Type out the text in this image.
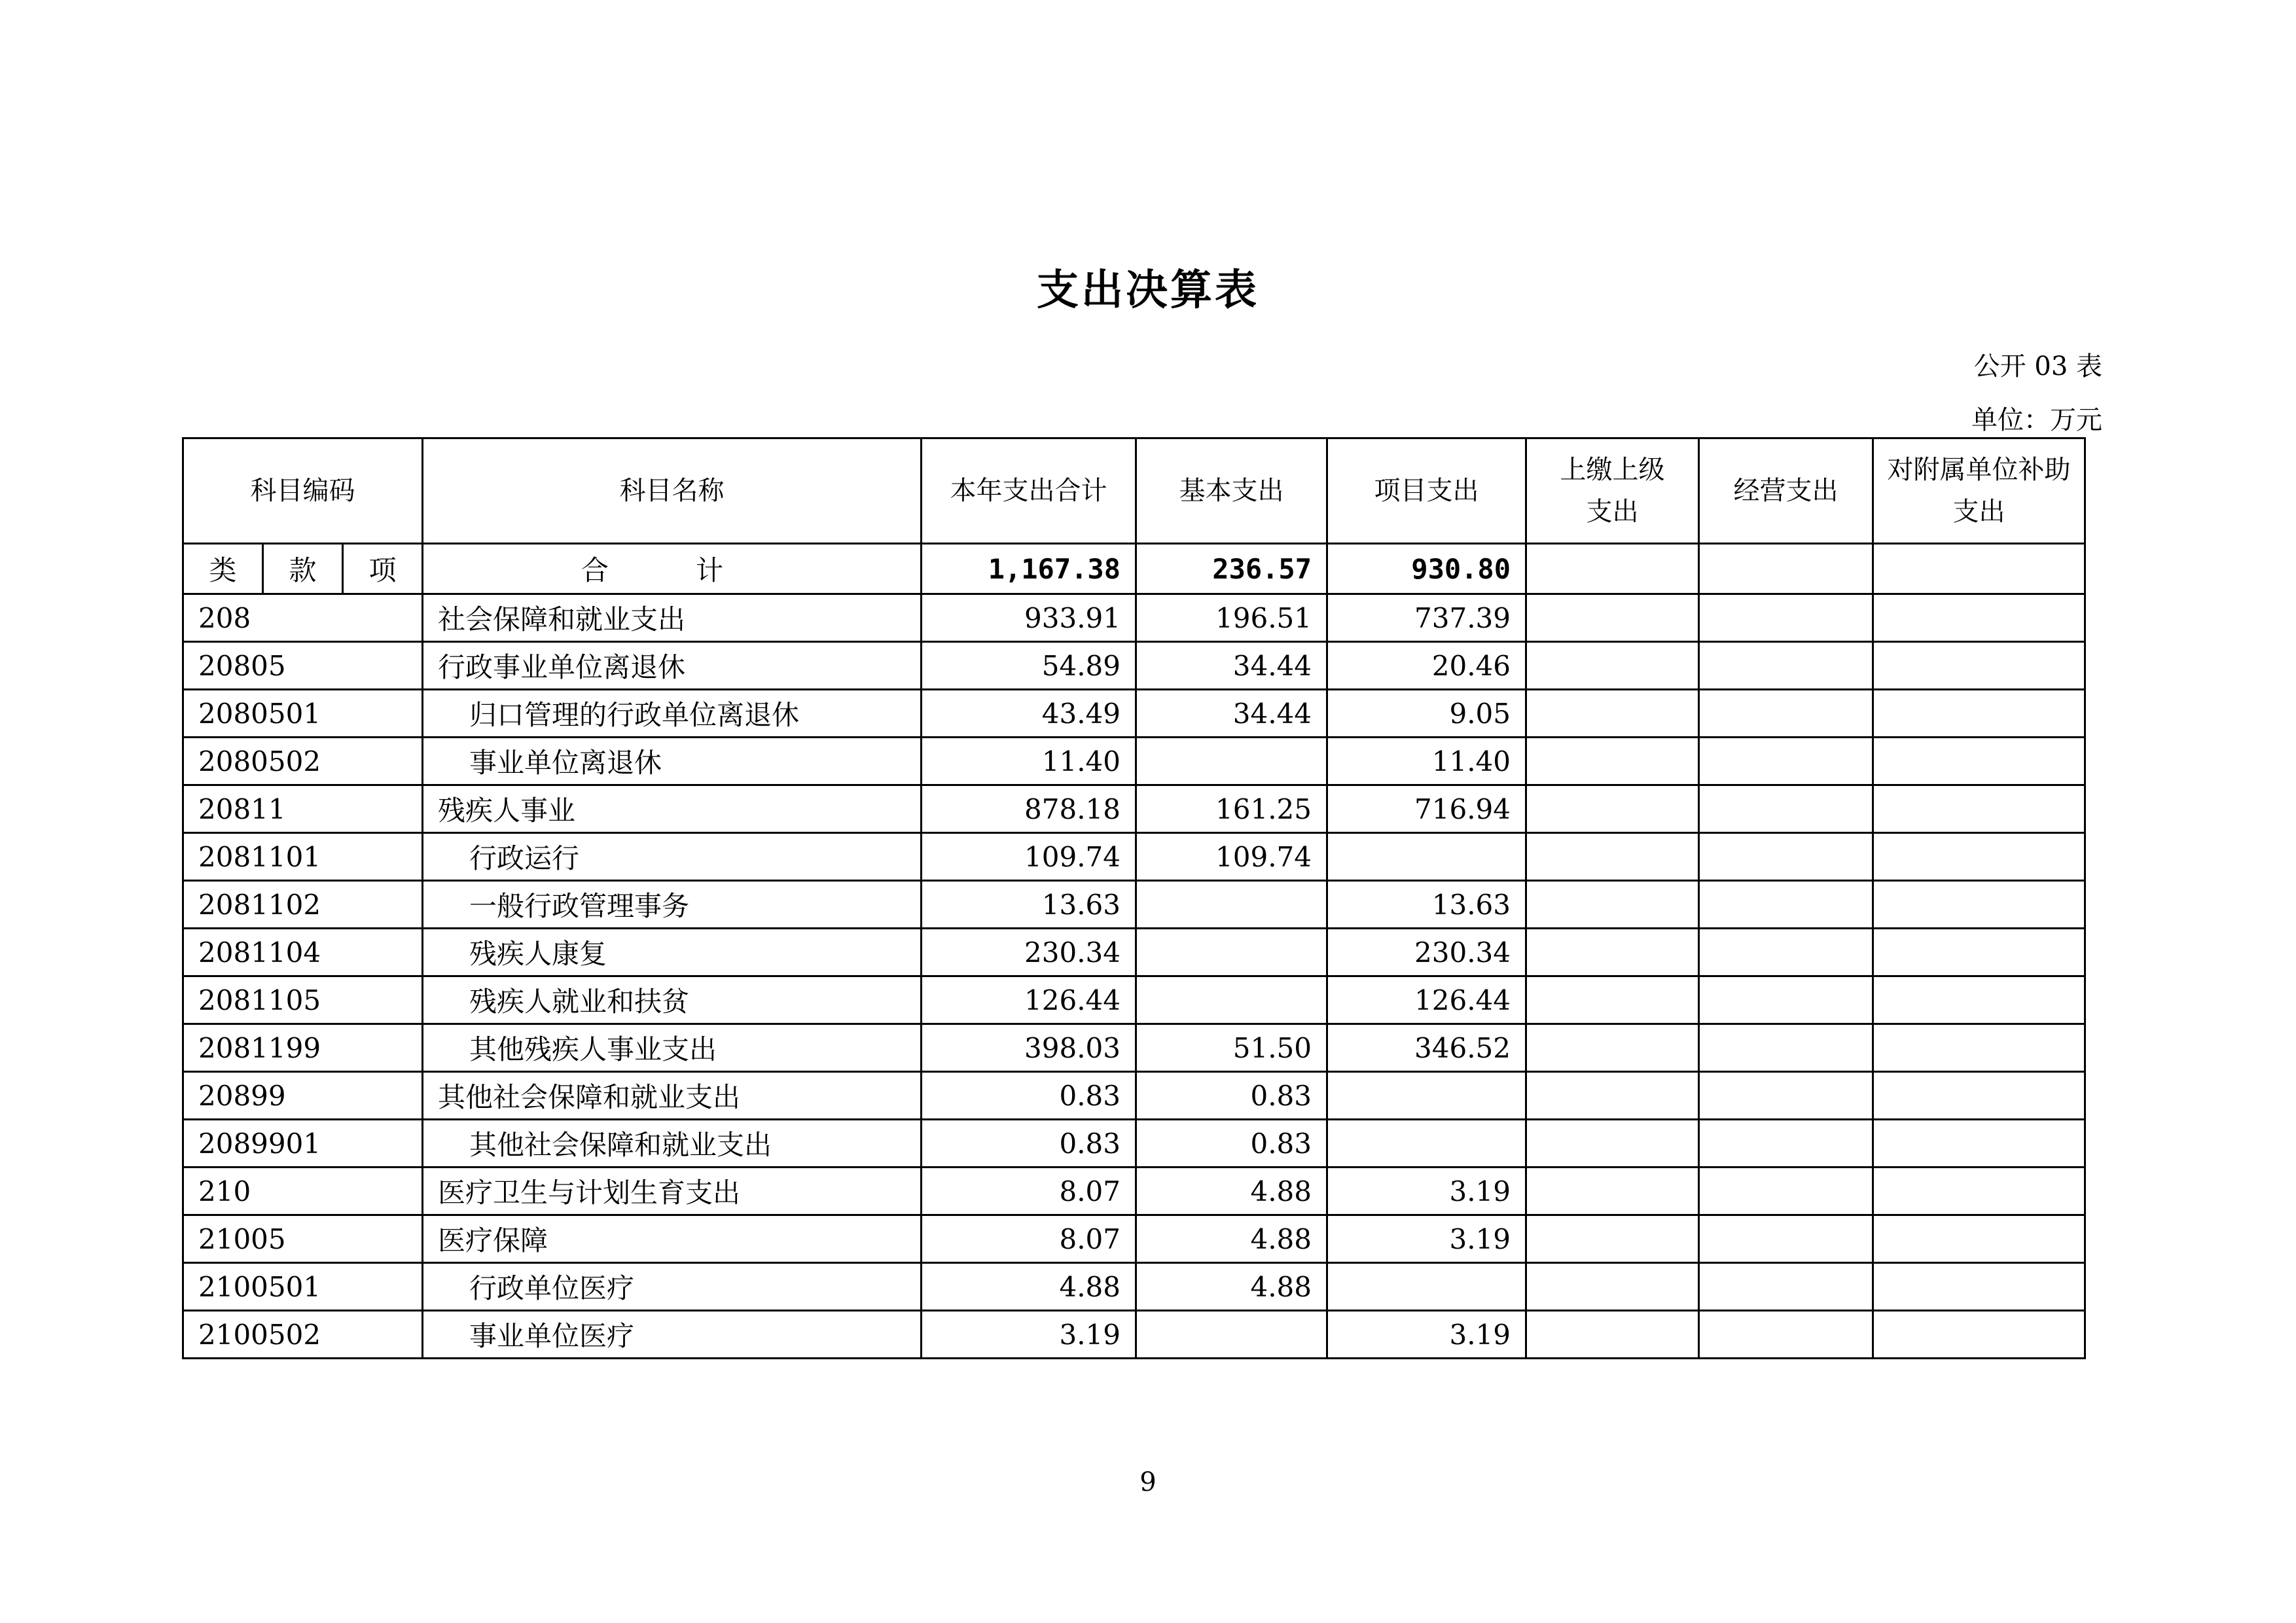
支出决算表
公开 03 表
单位：万元
科目编码			科目名称	本年支出合计	基本支出	项目支出	上缴上级支出	经营支出	对附属单位补助支出
类	款	项	合 计	1,167.38	236.57	930.80			
208			社会保障和就业支出	933.91	196.51	737.39			
20805			行政事业单位离退休	54.89	34.44	20.46			
2080501			归口管理的行政单位离退休	43.49	34.44	9.05			
2080502			事业单位离退休	11.40		11.40			
20811			残疾人事业	878.18	161.25	716.94			
2081101			行政运行	109.74	109.74				
2081102			一般行政管理事务	13.63		13.63			
2081104			残疾人康复	230.34		230.34			
2081105			残疾人就业和扶贫	126.44		126.44			
2081199			其他残疾人事业支出	398.03	51.50	346.52			
20899			其他社会保障和就业支出	0.83	0.83				
2089901			其他社会保障和就业支出	0.83	0.83				
210			医疗卫生与计划生育支出	8.07	4.88	3.19			
21005			医疗保障	8.07	4.88	3.19			
2100501			行政单位医疗	4.88	4.88				
2100502			事业单位医疗	3.19		3.19			
9
